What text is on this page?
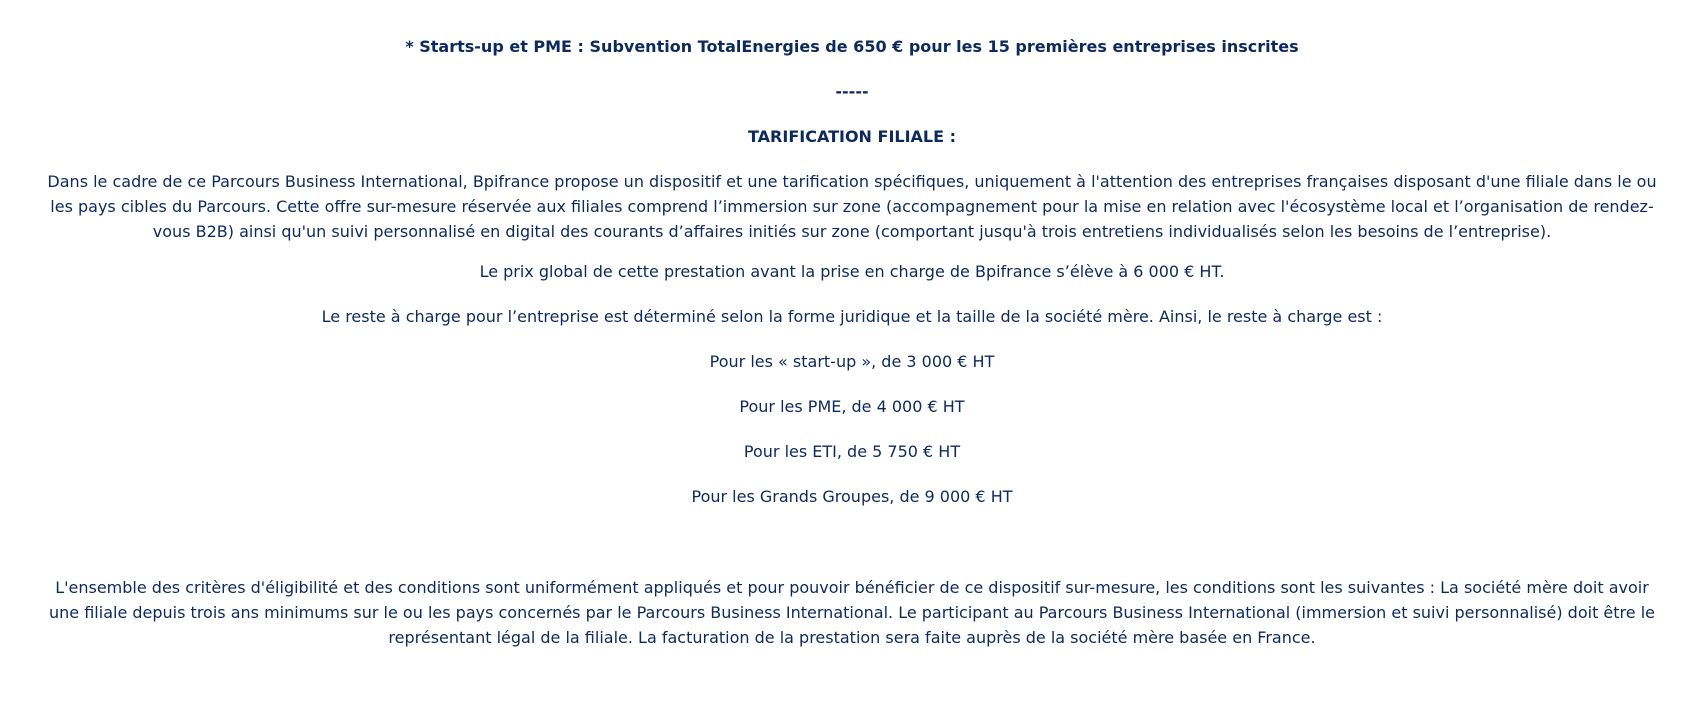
* Starts-up et PME : Subvention TotalEnergies de 650 € pour les 15 premières entreprises inscrites
-----
TARIFICATION FILIALE :
Dans le cadre de ce Parcours Business International, Bpifrance propose un dispositif et une tarification spécifiques, uniquement à l'attention des entreprises françaises disposant d'une filiale dans le ou les pays cibles du Parcours. Cette offre sur-mesure réservée aux filiales comprend l’immersion sur zone (accompagnement pour la mise en relation avec l'écosystème local et l’organisation de rendez-vous B2B) ainsi qu'un suivi personnalisé en digital des courants d’affaires initiés sur zone (comportant jusqu'à trois entretiens individualisés selon les besoins de l’entreprise).
Le prix global de cette prestation avant la prise en charge de Bpifrance s’élève à 6 000 € HT.
Le reste à charge pour l’entreprise est déterminé selon la forme juridique et la taille de la société mère. Ainsi, le reste à charge est :
Pour les « start-up », de 3 000 € HT
Pour les PME, de 4 000 € HT
Pour les ETI, de 5 750 € HT
Pour les Grands Groupes, de 9 000 € HT
L'ensemble des critères d'éligibilité et des conditions sont uniformément appliqués et pour pouvoir bénéficier de ce dispositif sur-mesure, les conditions sont les suivantes : La société mère doit avoir une filiale depuis trois ans minimums sur le ou les pays concernés par le Parcours Business International. Le participant au Parcours Business International (immersion et suivi personnalisé) doit être le représentant légal de la filiale. La facturation de la prestation sera faite auprès de la société mère basée en France.
